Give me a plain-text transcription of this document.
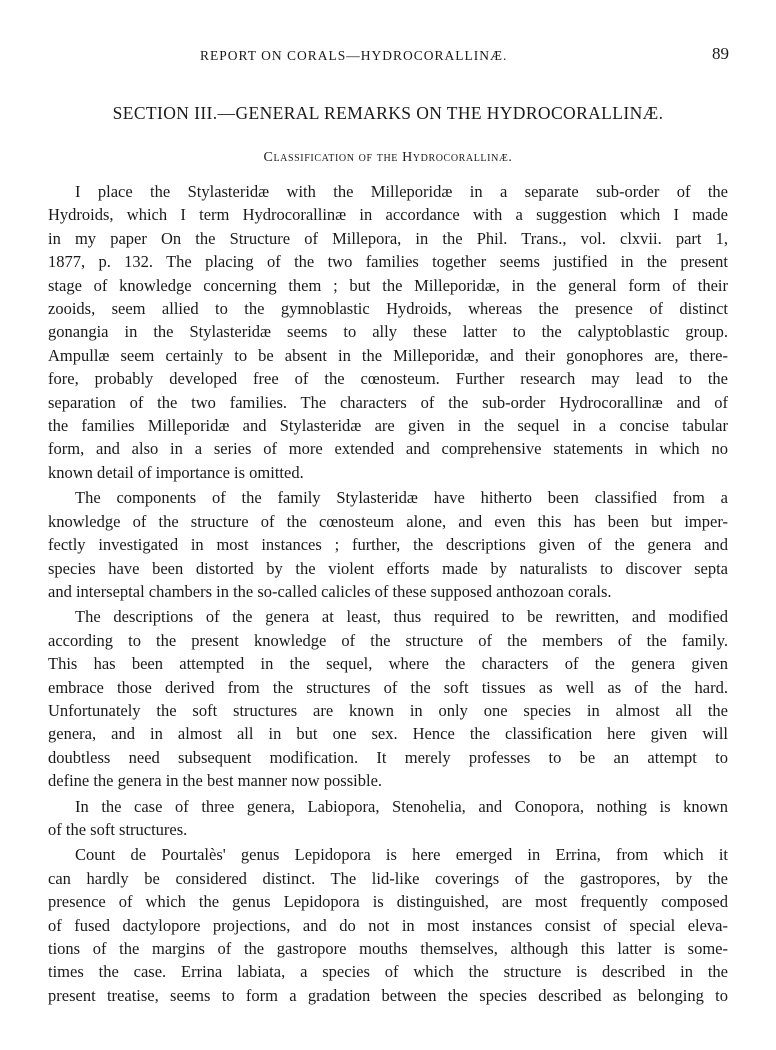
REPORT ON CORALS—HYDROCORALLINÆ.	89
SECTION III.—GENERAL REMARKS ON THE HYDROCORALLINÆ.
Classification of the Hydrocorallinæ.
I place the Stylasteridæ with the Milleporidæ in a separate sub-order of the
Hydroids, which I term Hydrocorallinæ in accordance with a suggestion which I made
in my paper On the Structure of Millepora, in the Phil. Trans., vol. clxvii. part 1,
1877, p. 132. The placing of the two families together seems justified in the present
stage of knowledge concerning them ; but the Milleporidæ, in the general form of their
zooids, seem allied to the gymnoblastic Hydroids, whereas the presence of distinct
gonangia in the Stylasteridæ seems to ally these latter to the calyptoblastic group.
Ampullæ seem certainly to be absent in the Milleporidæ, and their gonophores are, there-
fore, probably developed free of the cœnosteum. Further research may lead to the
separation of the two families. The characters of the sub-order Hydrocorallinæ and of
the families Milleporidæ and Stylasteridæ are given in the sequel in a concise tabular
form, and also in a series of more extended and comprehensive statements in which no
known detail of importance is omitted.
The components of the family Stylasteridæ have hitherto been classified from a
knowledge of the structure of the cœnosteum alone, and even this has been but imper-
fectly investigated in most instances ; further, the descriptions given of the genera and
species have been distorted by the violent efforts made by naturalists to discover septa
and interseptal chambers in the so-called calicles of these supposed anthozoan corals.
The descriptions of the genera at least, thus required to be rewritten, and modified
according to the present knowledge of the structure of the members of the family.
This has been attempted in the sequel, where the characters of the genera given
embrace those derived from the structures of the soft tissues as well as of the hard.
Unfortunately the soft structures are known in only one species in almost all the
genera, and in almost all in but one sex. Hence the classification here given will
doubtless need subsequent modification. It merely professes to be an attempt to
define the genera in the best manner now possible.
In the case of three genera, Labiopora, Stenohelia, and Conopora, nothing is known
of the soft structures.
Count de Pourtalès' genus Lepidopora is here emerged in Errina, from which it
can hardly be considered distinct. The lid-like coverings of the gastropores, by the
presence of which the genus Lepidopora is distinguished, are most frequently composed
of fused dactylopore projections, and do not in most instances consist of special eleva-
tions of the margins of the gastropore mouths themselves, although this latter is some-
times the case. Errina labiata, a species of which the structure is described in the
present treatise, seems to form a gradation between the species described as belonging to
